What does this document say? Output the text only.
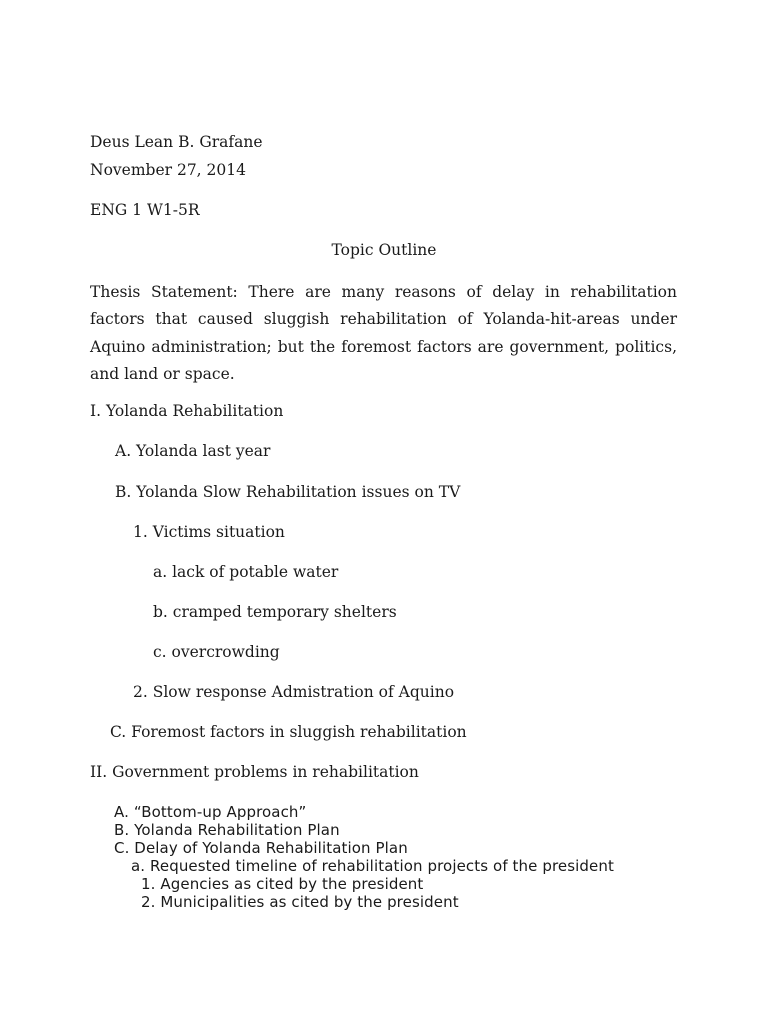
Deus Lean B. Grafane
November 27, 2014
ENG 1 W1-5R
Topic Outline

Thesis Statement: There are many reasons of delay in rehabilitation factors that caused sluggish rehabilitation of Yolanda-hit-areas under Aquino administration; but the foremost factors are government, politics, and land or space.

I. Yolanda Rehabilitation
A. Yolanda last year
B. Yolanda Slow Rehabilitation issues on TV
1. Victims situation
a. lack of potable water
b. cramped temporary shelters
c. overcrowding
2. Slow response Admistration of Aquino
C. Foremost factors in sluggish rehabilitation
II. Government problems in rehabilitation
A. “Bottom-up Approach”
B. Yolanda Rehabilitation Plan
C. Delay of Yolanda Rehabilitation Plan
a. Requested timeline of rehabilitation projects of the president
1. Agencies as cited by the president
2. Municipalities as cited by the president
